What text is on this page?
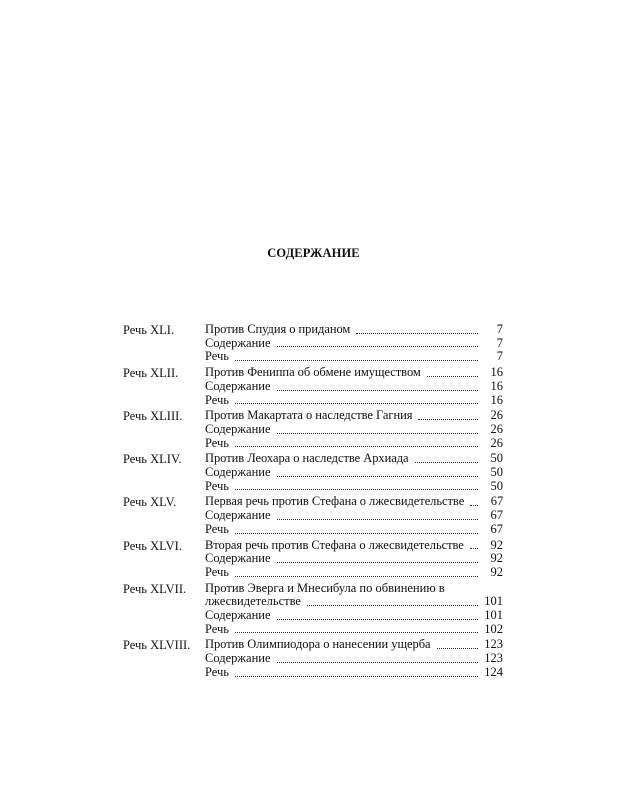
СОДЕРЖАНИЕ
Речь XLI. Против Спудия о приданом	7
Содержание	7
Речь	7
Речь XLII. Против Фениппа об обмене имуществом	16
Содержание	16
Речь	16
Речь XLIII. Против Макартата о наследстве Гагния	26
Содержание	26
Речь	26
Речь XLIV. Против Леохара о наследстве Архиада	50
Содержание	50
Речь	50
Речь XLV. Первая речь против Стефана о лжесвидетельстве	67
Содержание	67
Речь	67
Речь XLVI. Вторая речь против Стефана о лжесвидетельстве	92
Содержание	92
Речь	92
Речь XLVII. Против Эверга и Мнесибула по обвинению в
лжесвидетельстве	101
Содержание	101
Речь	102
Речь XLVIII. Против Олимпиодора о нанесении ущерба	123
Содержание	123
Речь	124
